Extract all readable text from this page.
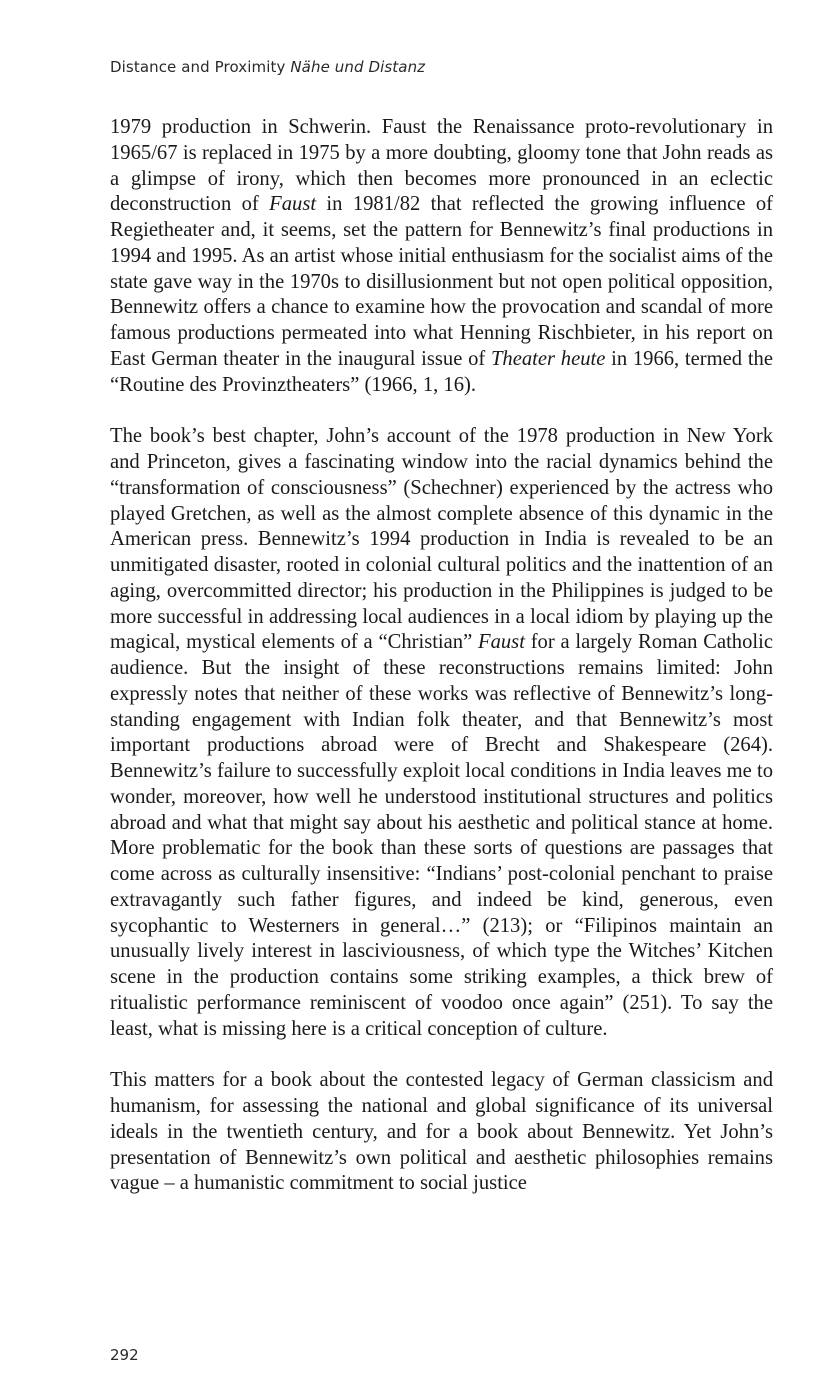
Distance and Proximity Nähe und Distanz

1979 production in Schwerin. Faust the Renaissance proto-revolutionary in 1965/67 is replaced in 1975 by a more doubting, gloomy tone that John reads as a glimpse of irony, which then becomes more pronounced in an eclectic deconstruction of Faust in 1981/82 that reflected the growing influence of Regietheater and, it seems, set the pattern for Bennewitz’s final productions in 1994 and 1995. As an artist whose initial enthusiasm for the socialist aims of the state gave way in the 1970s to disillusionment but not open political opposition, Bennewitz offers a chance to examine how the provocation and scandal of more famous productions permeated into what Henning Rischbieter, in his report on East German theater in the inaugural issue of Theater heute in 1966, termed the “Routine des Provinztheaters” (1966, 1, 16).

The book’s best chapter, John’s account of the 1978 production in New York and Princeton, gives a fascinating window into the racial dynamics behind the “transformation of consciousness” (Schechner) experienced by the actress who played Gretchen, as well as the almost complete absence of this dynamic in the American press. Bennewitz’s 1994 production in India is revealed to be an unmitigated disaster, rooted in colonial cultural politics and the inattention of an aging, overcommitted director; his production in the Philippines is judged to be more successful in addressing local audiences in a local idiom by playing up the magical, mystical elements of a “Christian” Faust for a largely Roman Catholic audience. But the insight of these reconstructions remains limited: John expressly notes that neither of these works was reflective of Bennewitz’s long-standing engagement with Indian folk theater, and that Bennewitz’s most important productions abroad were of Brecht and Shakespeare (264). Bennewitz’s failure to successfully exploit local conditions in India leaves me to wonder, moreover, how well he understood institutional structures and politics abroad and what that might say about his aesthetic and political stance at home. More problematic for the book than these sorts of questions are passages that come across as culturally insensitive: “Indians’ post-colonial penchant to praise extravagantly such father figures, and indeed be kind, generous, even sycophantic to Westerners in general…” (213); or “Filipinos maintain an unusually lively interest in lasciviousness, of which type the Witches’ Kitchen scene in the production contains some striking examples, a thick brew of ritualistic performance reminiscent of voodoo once again” (251). To say the least, what is missing here is a critical conception of culture.

This matters for a book about the contested legacy of German classicism and humanism, for assessing the national and global significance of its universal ideals in the twentieth century, and for a book about Bennewitz. Yet John’s presentation of Bennewitz’s own political and aesthetic philosophies remains vague – a humanistic commitment to social justice

292
